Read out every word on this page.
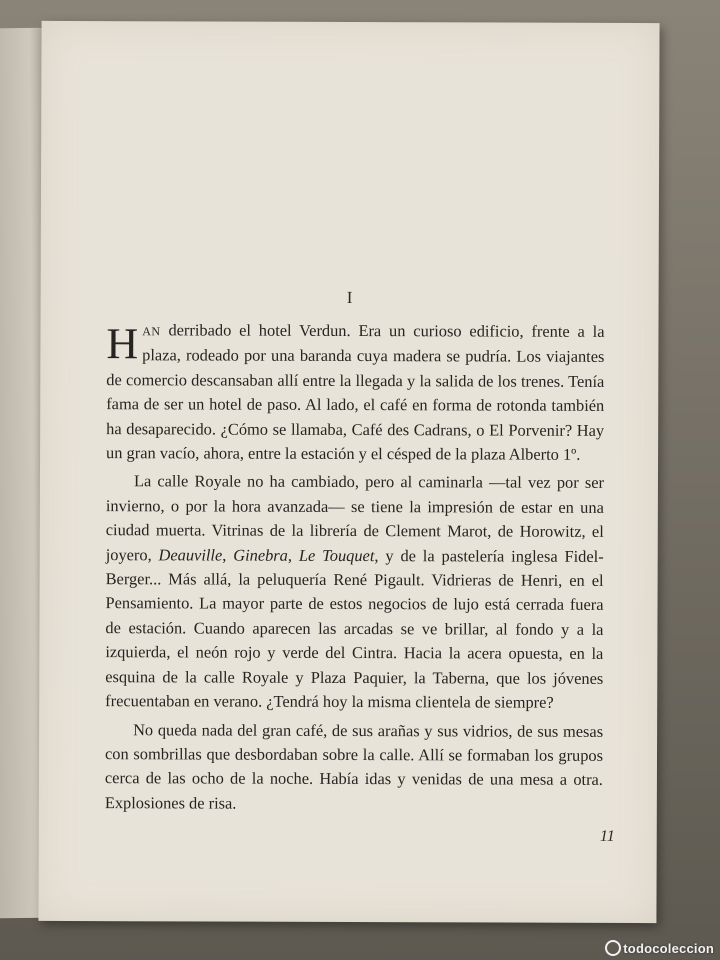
I

HAN derribado el hotel Verdun. Era un curioso edificio, frente a la plaza, rodeado por una baranda cuya madera se pudría. Los viajantes de comercio descansaban allí entre la llegada y la salida de los trenes. Tenía fama de ser un hotel de paso. Al lado, el café en forma de rotonda también ha desaparecido. ¿Cómo se llamaba, Café des Cadrans, o El Porvenir? Hay un gran vacío, ahora, entre la estación y el césped de la plaza Alberto 1º.

La calle Royale no ha cambiado, pero al caminarla —tal vez por ser invierno, o por la hora avanzada— se tiene la impresión de estar en una ciudad muerta. Vitrinas de la librería de Clement Marot, de Horowitz, el joyero, Deauville, Ginebra, Le Touquet, y de la pastelería inglesa Fidel-Berger... Más allá, la peluquería René Pigault. Vidrieras de Henri, en el Pensamiento. La mayor parte de estos negocios de lujo está cerrada fuera de estación. Cuando aparecen las arcadas se ve brillar, al fondo y a la izquierda, el neón rojo y verde del Cintra. Hacia la acera opuesta, en la esquina de la calle Royale y Plaza Paquier, la Taberna, que los jóvenes frecuentaban en verano. ¿Tendrá hoy la misma clientela de siempre?

No queda nada del gran café, de sus arañas y sus vidrios, de sus mesas con sombrillas que desbordaban sobre la calle. Allí se formaban los grupos cerca de las ocho de la noche. Había idas y venidas de una mesa a otra. Explosiones de risa.

11
todocoleccion
